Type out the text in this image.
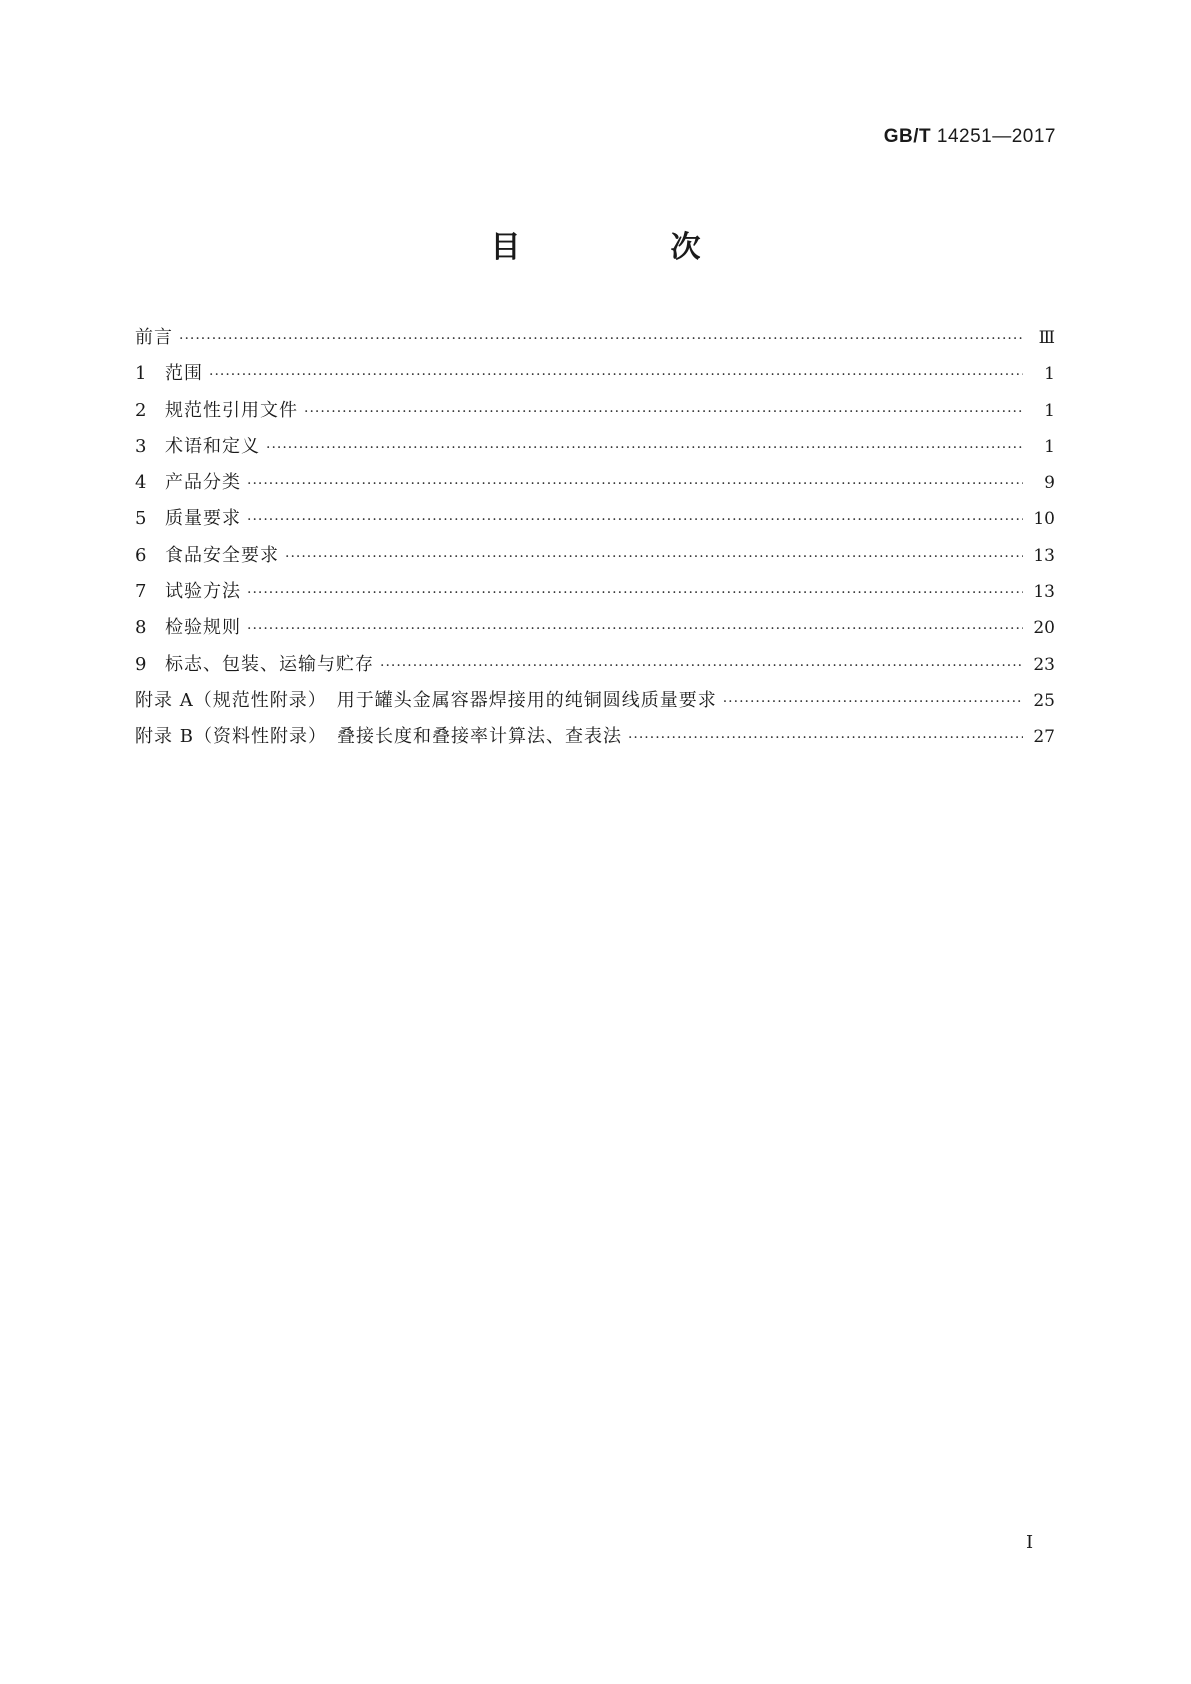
GB/T 14251—2017
目　次
前言 ·····	Ⅲ
1	范围 ·····	1
2	规范性引用文件 ·····	1
3	术语和定义 ·····	1
4	产品分类 ·····	9
5	质量要求 ·····	10
6	食品安全要求 ·····	13
7	试验方法 ·····	13
8	检验规则 ·····	20
9	标志、包装、运输与贮存 ·····	23
附录 A（规范性附录）　用于罐头金属容器焊接用的纯铜圆线质量要求 ·····	25
附录 B（资料性附录）　叠接长度和叠接率计算法、查表法 ·····	27
I
